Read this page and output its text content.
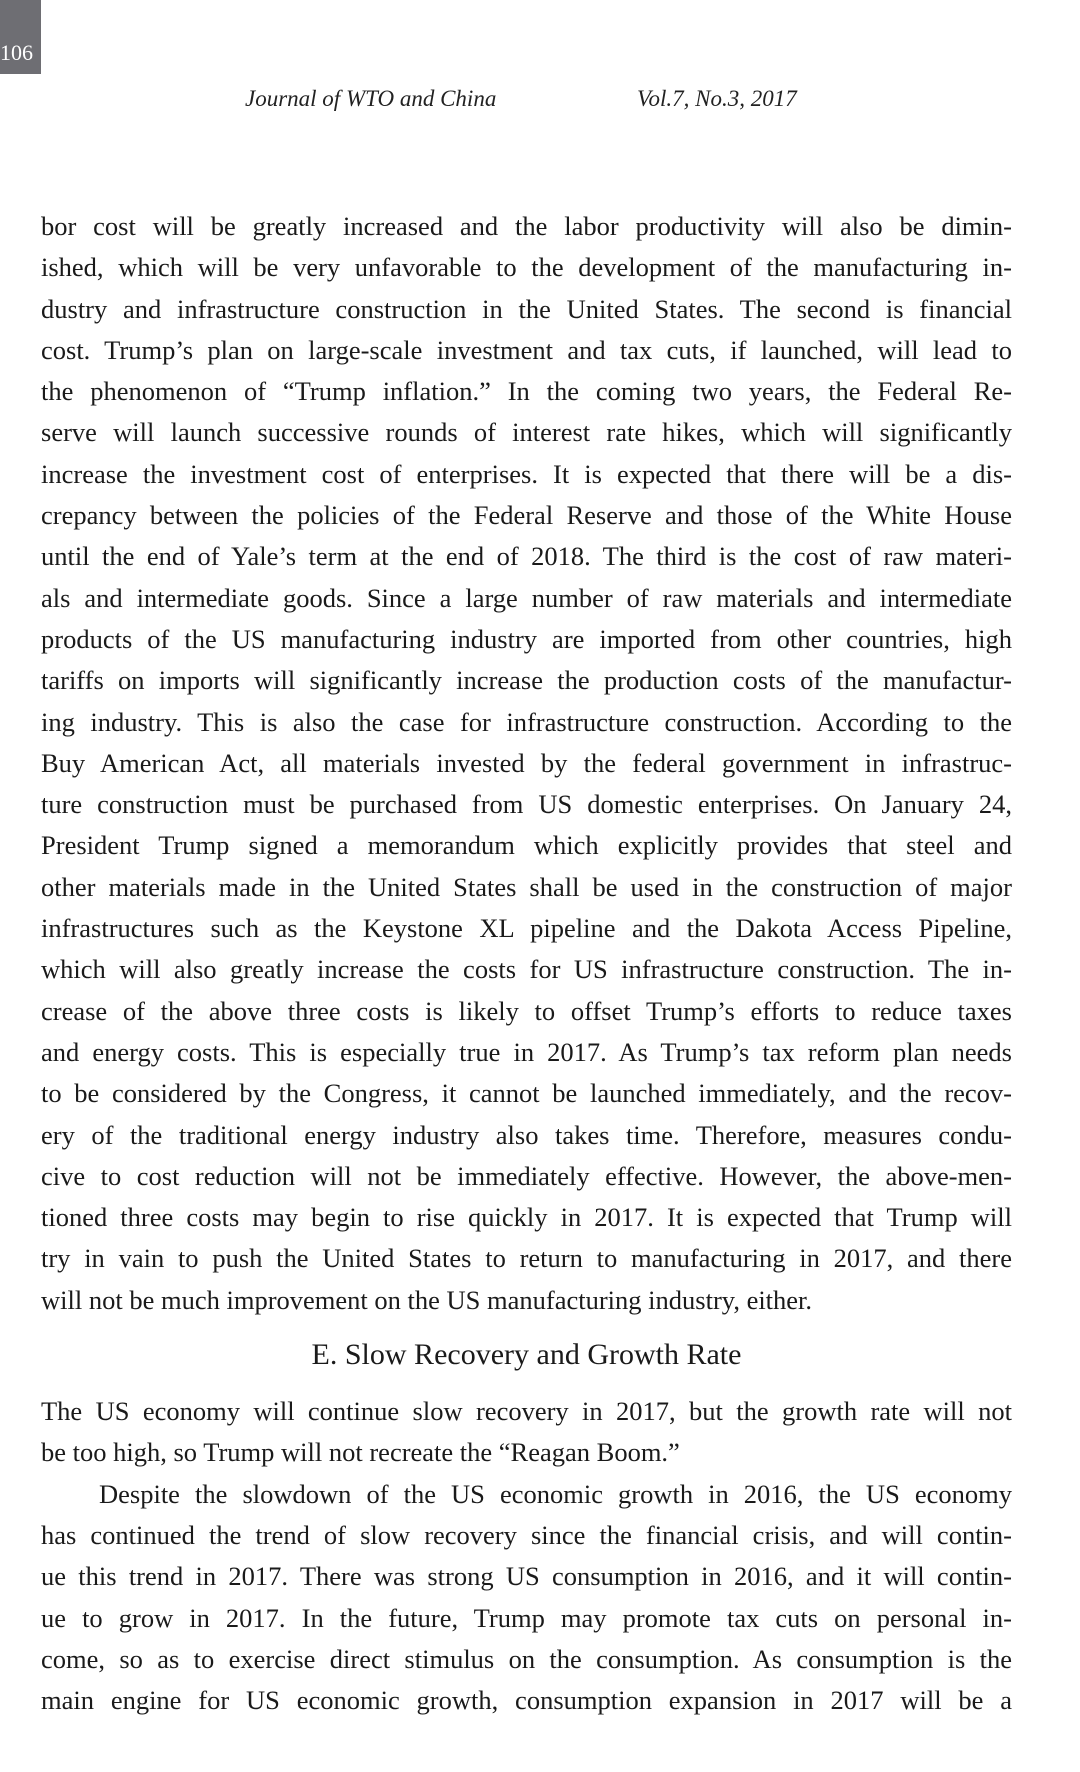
106
Journal of WTO and China	Vol.7, No.3, 2017
bor cost will be greatly increased and the labor productivity will also be dimin-
ished, which will be very unfavorable to the development of the manufacturing in-
dustry and infrastructure construction in the United States. The second is financial
cost. Trump’s plan on large-scale investment and tax cuts, if launched, will lead to
the phenomenon of “Trump inflation.” In the coming two years, the Federal Re-
serve will launch successive rounds of interest rate hikes, which will significantly
increase the investment cost of enterprises. It is expected that there will be a dis-
crepancy between the policies of the Federal Reserve and those of the White House
until the end of Yale’s term at the end of 2018. The third is the cost of raw materi-
als and intermediate goods. Since a large number of raw materials and intermediate
products of the US manufacturing industry are imported from other countries, high
tariffs on imports will significantly increase the production costs of the manufactur-
ing industry. This is also the case for infrastructure construction. According to the
Buy American Act, all materials invested by the federal government in infrastruc-
ture construction must be purchased from US domestic enterprises. On January 24,
President Trump signed a memorandum which explicitly provides that steel and
other materials made in the United States shall be used in the construction of major
infrastructures such as the Keystone XL pipeline and the Dakota Access Pipeline,
which will also greatly increase the costs for US infrastructure construction. The in-
crease of the above three costs is likely to offset Trump’s efforts to reduce taxes
and energy costs. This is especially true in 2017. As Trump’s tax reform plan needs
to be considered by the Congress, it cannot be launched immediately, and the recov-
ery of the traditional energy industry also takes time. Therefore, measures condu-
cive to cost reduction will not be immediately effective. However, the above-men-
tioned three costs may begin to rise quickly in 2017. It is expected that Trump will
try in vain to push the United States to return to manufacturing in 2017, and there
will not be much improvement on the US manufacturing industry, either.
E. Slow Recovery and Growth Rate
The US economy will continue slow recovery in 2017, but the growth rate will not
be too high, so Trump will not recreate the “Reagan Boom.”
Despite the slowdown of the US economic growth in 2016, the US economy
has continued the trend of slow recovery since the financial crisis, and will contin-
ue this trend in 2017. There was strong US consumption in 2016, and it will contin-
ue to grow in 2017. In the future, Trump may promote tax cuts on personal in-
come, so as to exercise direct stimulus on the consumption. As consumption is the
main engine for US economic growth, consumption expansion in 2017 will be a
